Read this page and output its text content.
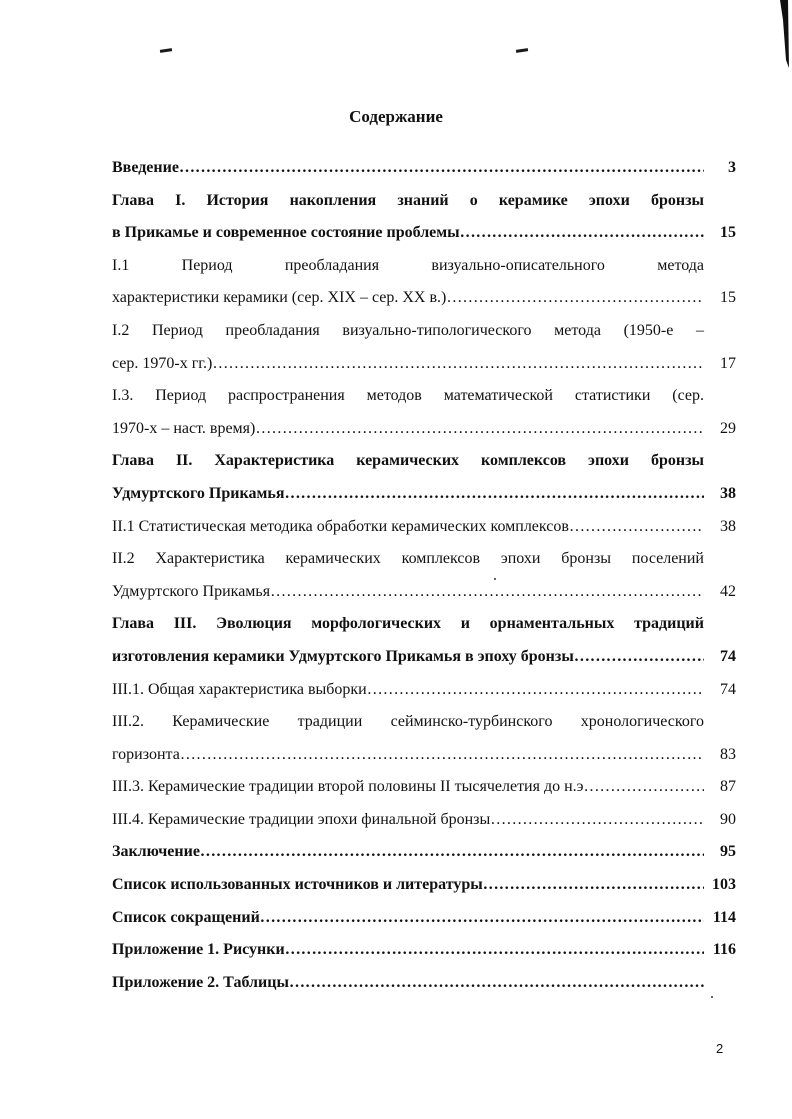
Содержание
Введение ………………………………………………………………………………………………………………………………………………………………	3
Глава I. История накопления знаний о керамике эпохи бронзы
в Прикамье и современное состояние проблемы ………………………………………………………………………………………………………………………………………………………………	15
I.1 Период преобладания визуально-описательного метода
характеристики керамики (сер. XIX – сер. XX в.) ………………………………………………………………………………………………………………………………………………………………	15
I.2 Период преобладания визуально-типологического метода (1950-е –
сер. 1970-х гг.) ………………………………………………………………………………………………………………………………………………………………	17
I.3. Период распространения методов математической статистики (сер.
1970-х – наст. время) ………………………………………………………………………………………………………………………………………………………………	29
Глава II. Характеристика керамических комплексов эпохи бронзы
Удмуртского Прикамья ………………………………………………………………………………………………………………………………………………………………	38
II.1 Статистическая методика обработки керамических комплексов ………………………………………………………………………………………………………………………………………………………………	38
II.2 Характеристика керамических комплексов эпохи бронзы поселений
Удмуртского Прикамья ………………………………………………………………………………………………………………………………………………………………	42
Глава III. Эволюция морфологических и орнаментальных традиций
изготовления керамики Удмуртского Прикамья в эпоху бронзы ………………………………………………………………………………………………………………………………………………………………	74
III.1. Общая характеристика выборки ………………………………………………………………………………………………………………………………………………………………	74
III.2. Керамические традиции сейминско-турбинского хронологического
горизонта ………………………………………………………………………………………………………………………………………………………………	83
III.3. Керамические традиции второй половины II тысячелетия до н.э ………………………………………………………………………………………………………………………………………………………………	87
III.4. Керамические традиции эпохи финальной бронзы ………………………………………………………………………………………………………………………………………………………………	90
Заключение ………………………………………………………………………………………………………………………………………………………………	95
Список использованных источников и литературы ………………………………………………………………………………………………………………………………………………………………	103
Список сокращений ………………………………………………………………………………………………………………………………………………………………	114
Приложение 1. Рисунки ………………………………………………………………………………………………………………………………………………………………	116
Приложение 2. Таблицы
………………………………………………………………………………………………………………………………………………………………
2
